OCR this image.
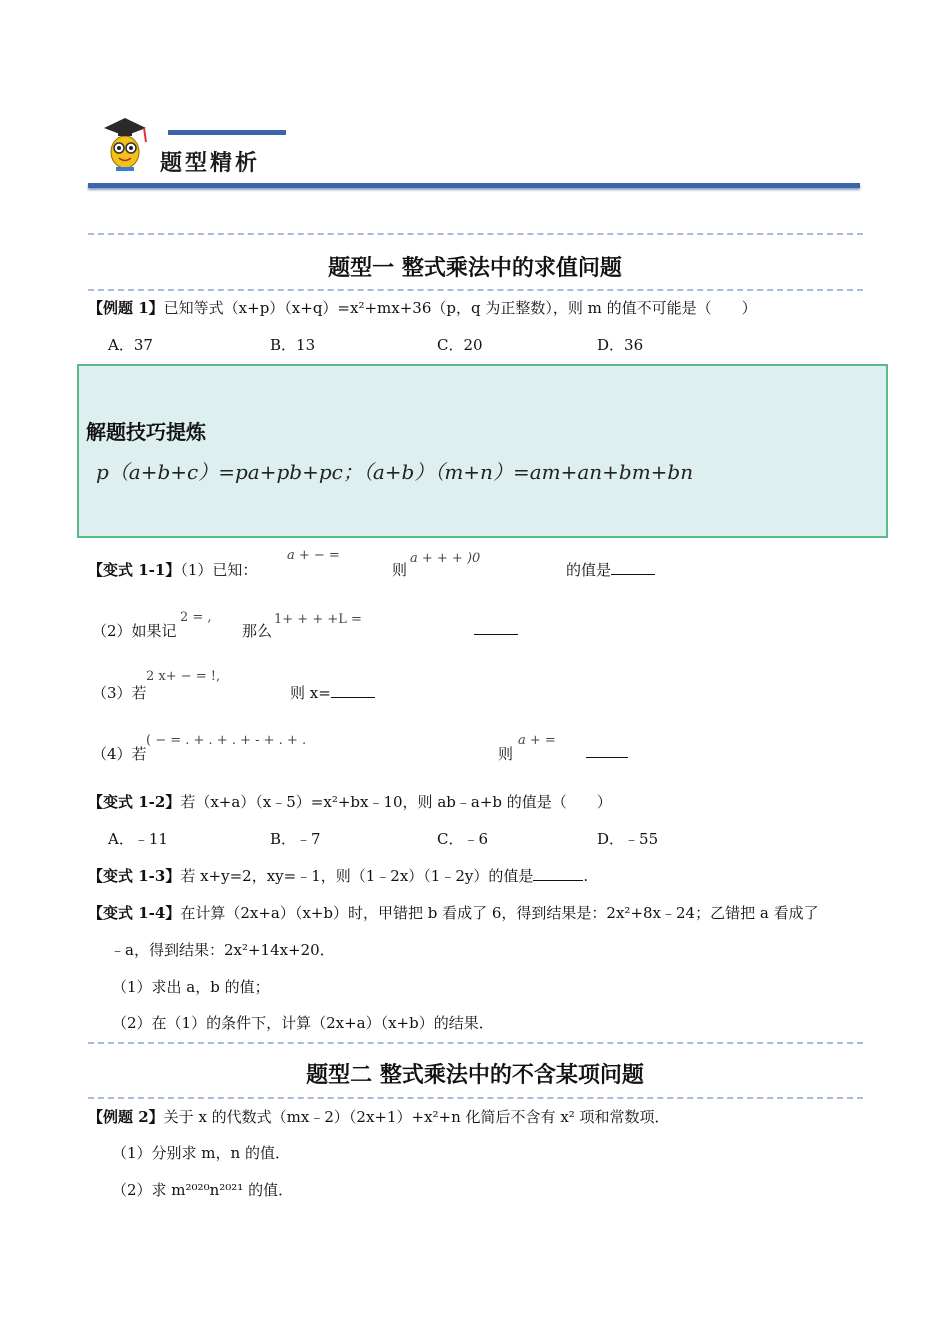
题型精析
题型一 整式乘法中的求值问题
【例题 1】已知等式（x+p）（x+q）=x²+mx+36（p，q 为正整数），则 m 的值不可能是（　　）
A．37	B．13	C．20	D．36
解题技巧提炼
p（a+b+c）=pa+pb+pc；（a+b）（m+n）=am+an+bm+bn
【变式 1-1】（1）已知：
a + − =
则
a + + + )0
的值是
（2）如果记
2 = ,
那么
1+ + + +L =
（3）若
2 x+ − = !,
则 x=
（4）若
( − = . + . + . + - + . + .
则
a + =
【变式 1-2】若（x+a）（x﹣5）=x²+bx﹣10，则 ab﹣a+b 的值是（　　）
A．﹣11	B．﹣7	C．﹣6	D．﹣55
【变式 1-3】若 x+y=2，xy=﹣1，则（1﹣2x）（1﹣2y）的值是	.
【变式 1-4】在计算（2x+a）（x+b）时，甲错把 b 看成了 6，得到结果是：2x²+8x﹣24；乙错把 a 看成了
﹣a，得到结果：2x²+14x+20．
（1）求出 a，b 的值；
（2）在（1）的条件下，计算（2x+a）（x+b）的结果．
题型二 整式乘法中的不含某项问题
【例题 2】关于 x 的代数式（mx﹣2）（2x+1）+x²+n 化简后不含有 x² 项和常数项．
（1）分别求 m，n 的值．
（2）求 m²⁰²⁰n²⁰²¹ 的值．
